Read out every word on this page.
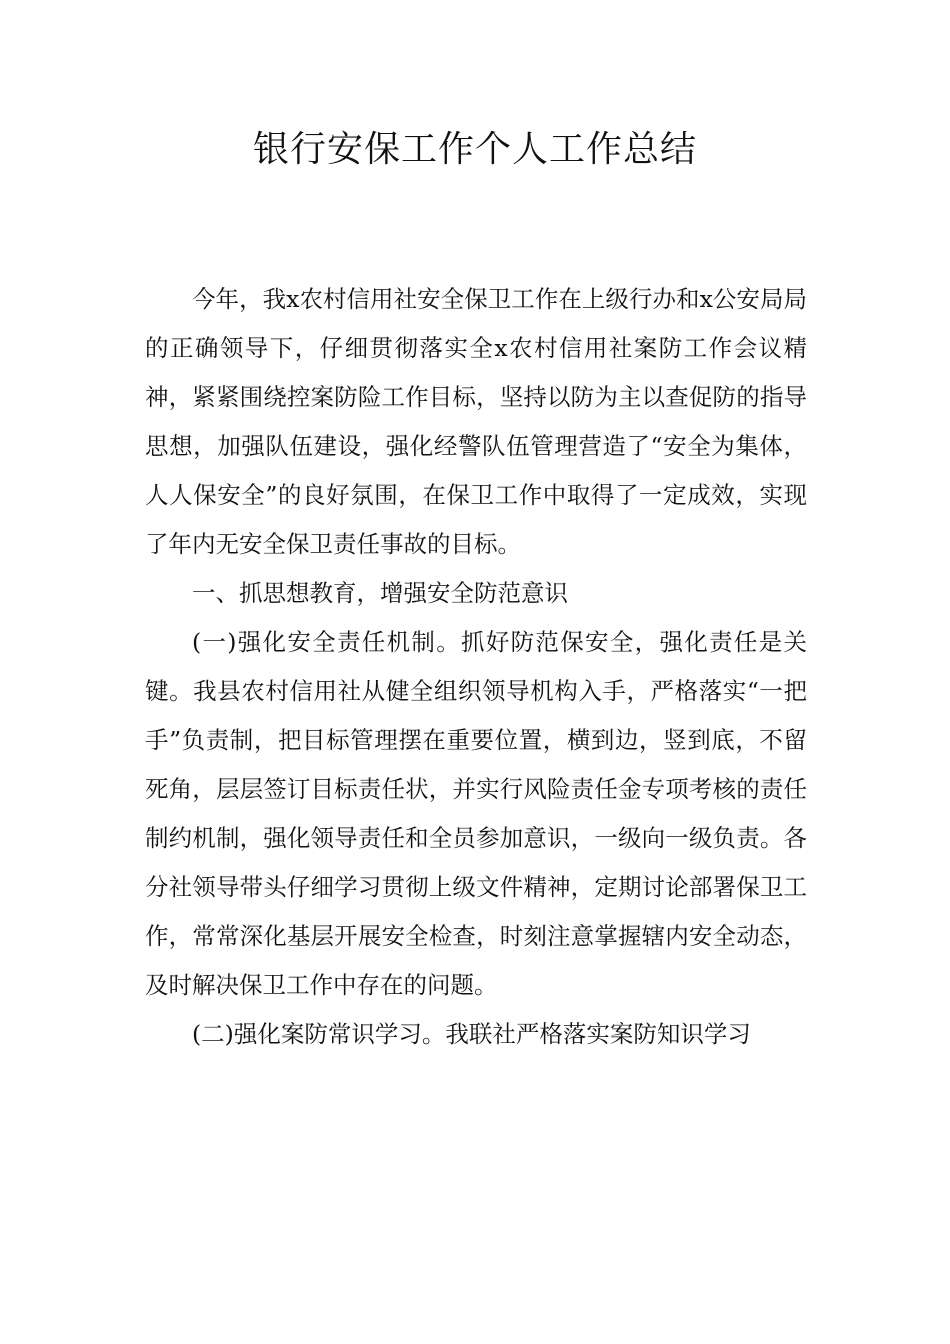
银行安保工作个人工作总结

今年，我x农村信用社安全保卫工作在上级行办和x公安局局的正确领导下，仔细贯彻落实全x农村信用社案防工作会议精神，紧紧围绕控案防险工作目标，坚持以防为主以查促防的指导思想，加强队伍建设，强化经警队伍管理营造了“安全为集体，人人保安全”的良好氛围，在保卫工作中取得了一定成效，实现了年内无安全保卫责任事故的目标。

一、抓思想教育，增强安全防范意识

(一)强化安全责任机制。抓好防范保安全，强化责任是关键。我县农村信用社从健全组织领导机构入手，严格落实“一把手”负责制，把目标管理摆在重要位置，横到边，竖到底，不留死角，层层签订目标责任状，并实行风险责任金专项考核的责任制约机制，强化领导责任和全员参加意识，一级向一级负责。各分社领导带头仔细学习贯彻上级文件精神，定期讨论部署保卫工作，常常深化基层开展安全检查，时刻注意掌握辖内安全动态，及时解决保卫工作中存在的问题。

(二)强化案防常识学习。我联社严格落实案防知识学习
